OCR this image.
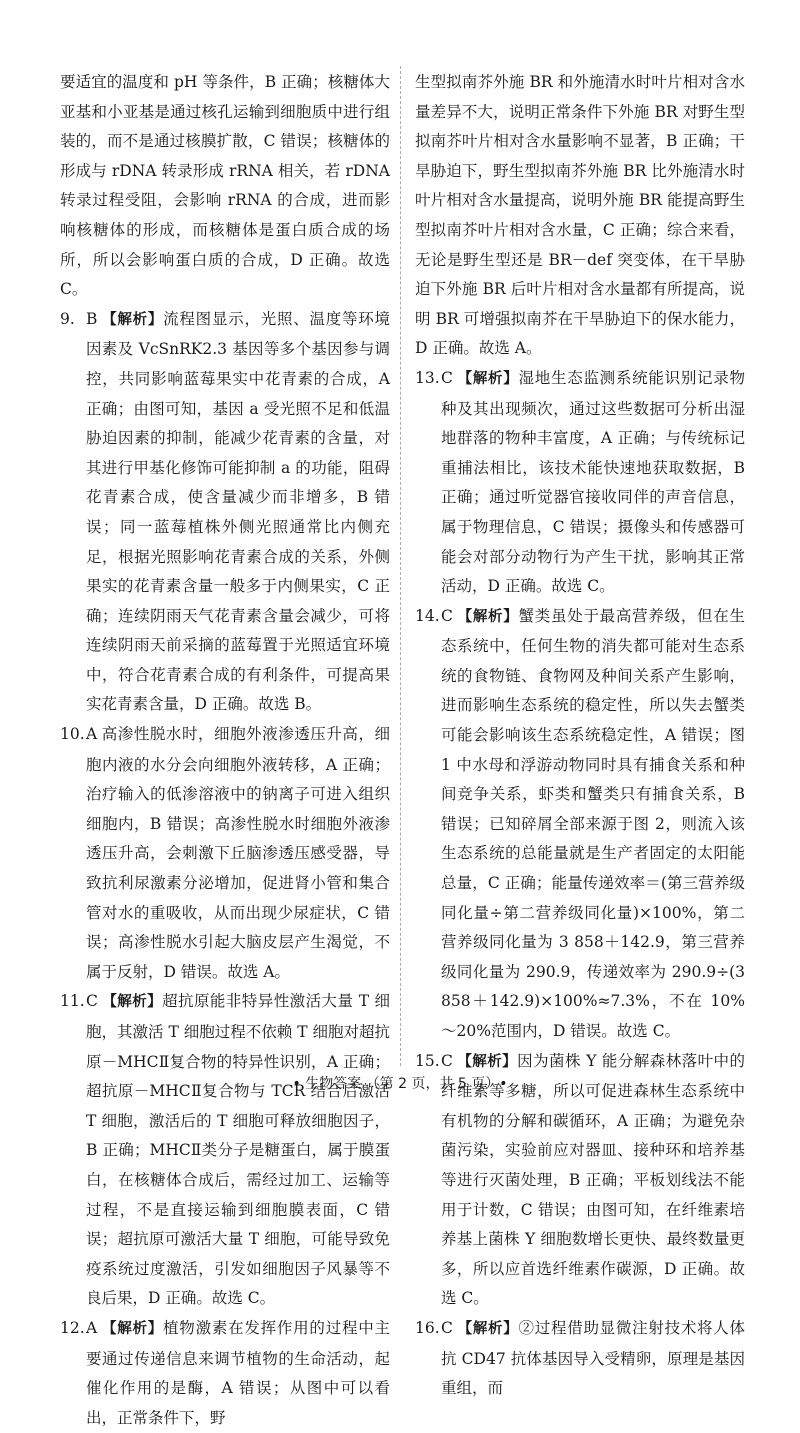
要适宜的温度和 pH 等条件，B 正确；核糖体大亚基和小亚基是通过核孔运输到细胞质中进行组装的，而不是通过核膜扩散，C 错误；核糖体的形成与 rDNA 转录形成 rRNA 相关，若 rDNA 转录过程受阻，会影响 rRNA 的合成，进而影响核糖体的形成，而核糖体是蛋白质合成的场所，所以会影响蛋白质的合成，D 正确。故选 C。

9. B 【解析】流程图显示，光照、温度等环境因素及 VcSnRK2.3 基因等多个基因参与调控，共同影响蓝莓果实中花青素的合成，A 正确；由图可知，基因 a 受光照不足和低温胁迫因素的抑制，能减少花青素的含量，对其进行甲基化修饰可能抑制 a 的功能，阻碍花青素合成，使含量减少而非增多，B 错误；同一蓝莓植株外侧光照通常比内侧充足，根据光照影响花青素合成的关系，外侧果实的花青素含量一般多于内侧果实，C 正确；连续阴雨天气花青素含量会减少，可将连续阴雨天前采摘的蓝莓置于光照适宜环境中，符合花青素合成的有利条件，可提高果实花青素含量，D 正确。故选 B。

10.A 高渗性脱水时，细胞外液渗透压升高，细胞内液的水分会向细胞外液转移，A 正确；治疗输入的低渗溶液中的钠离子可进入组织细胞内，B 错误；高渗性脱水时细胞外液渗透压升高，会刺激下丘脑渗透压感受器，导致抗利尿激素分泌增加，促进肾小管和集合管对水的重吸收，从而出现少尿症状，C 错误；高渗性脱水引起大脑皮层产生渴觉，不属于反射，D 错误。故选 A。

11.C 【解析】超抗原能非特异性激活大量 T 细胞，其激活 T 细胞过程不依赖 T 细胞对超抗原－MHCⅡ复合物的特异性识别，A 正确；超抗原－MHCⅡ复合物与 TCR 结合后激活 T 细胞，激活后的 T 细胞可释放细胞因子，B 正确；MHCⅡ类分子是糖蛋白，属于膜蛋白，在核糖体合成后，需经过加工、运输等过程，不是直接运输到细胞膜表面，C 错误；超抗原可激活大量 T 细胞，可能导致免疫系统过度激活，引发如细胞因子风暴等不良后果，D 正确。故选 C。

12.A 【解析】植物激素在发挥作用的过程中主要通过传递信息来调节植物的生命活动，起催化作用的是酶，A 错误；从图中可以看出，正常条件下，野

生型拟南芥外施 BR 和外施清水时叶片相对含水量差异不大，说明正常条件下外施 BR 对野生型拟南芥叶片相对含水量影响不显著，B 正确；干旱胁迫下，野生型拟南芥外施 BR 比外施清水时叶片相对含水量提高，说明外施 BR 能提高野生型拟南芥叶片相对含水量，C 正确；综合来看，无论是野生型还是 BR－def 突变体，在干旱胁迫下外施 BR 后叶片相对含水量都有所提高，说明 BR 可增强拟南芥在干旱胁迫下的保水能力，D 正确。故选 A。

13.C 【解析】湿地生态监测系统能识别记录物种及其出现频次，通过这些数据可分析出湿地群落的物种丰富度，A 正确；与传统标记重捕法相比，该技术能快速地获取数据，B 正确；通过听觉器官接收同伴的声音信息，属于物理信息，C 错误；摄像头和传感器可能会对部分动物行为产生干扰，影响其正常活动，D 正确。故选 C。

14.C 【解析】蟹类虽处于最高营养级，但在生态系统中，任何生物的消失都可能对生态系统的食物链、食物网及种间关系产生影响，进而影响生态系统的稳定性，所以失去蟹类可能会影响该生态系统稳定性，A 错误；图 1 中水母和浮游动物同时具有捕食关系和种间竞争关系，虾类和蟹类只有捕食关系，B 错误；已知碎屑全部来源于图 2，则流入该生态系统的总能量就是生产者固定的太阳能总量，C 正确；能量传递效率＝(第三营养级同化量÷第二营养级同化量)×100%，第二营养级同化量为 3 858＋142.9，第三营养级同化量为 290.9，传递效率为 290.9÷(3 858＋142.9)×100%≈7.3%，不在 10%～20%范围内，D 错误。故选 C。

15.C 【解析】因为菌株 Y 能分解森林落叶中的纤维素等多糖，所以可促进森林生态系统中有机物的分解和碳循环，A 正确；为避免杂菌污染，实验前应对器皿、接种环和培养基等进行灭菌处理，B 正确；平板划线法不能用于计数，C 错误；由图可知，在纤维素培养基上菌株 Y 细胞数增长更快、最终数量更多，所以应首选纤维素作碳源，D 正确。故选 C。

16.C 【解析】②过程借助显微注射技术将人体抗 CD47 抗体基因导入受精卵，原理是基因重组，而

• 生物答案 （第 2 页，共 5 页）•
